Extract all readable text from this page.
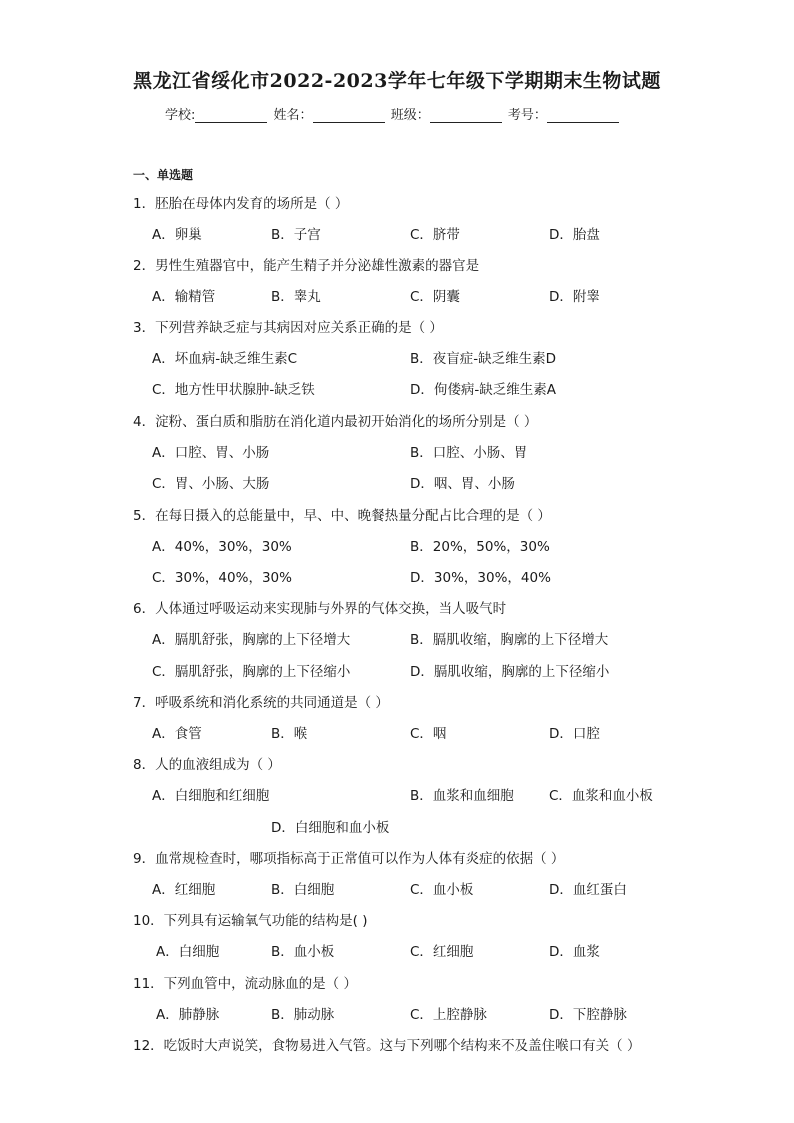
黑龙江省绥化市2022-2023学年七年级下学期期末生物试题
学校:	姓名：	班级：	考号：
一、单选题
1．胚胎在母体内发育的场所是（ ）
A．卵巢	B．子宫	C．脐带	D．胎盘
2．男性生殖器官中，能产生精子并分泌雄性激素的器官是
A．输精管	B．睾丸	C．阴囊	D．附睾
3．下列营养缺乏症与其病因对应关系正确的是（ ）
A．坏血病-缺乏维生素C	B．夜盲症-缺乏维生素D
C．地方性甲状腺肿-缺乏铁	D．佝偻病-缺乏维生素A
4．淀粉、蛋白质和脂肪在消化道内最初开始消化的场所分别是（ ）
A．口腔、胃、小肠	B．口腔、小肠、胃
C．胃、小肠、大肠	D．咽、胃、小肠
5．在每日摄入的总能量中，早、中、晚餐热量分配占比合理的是（ ）
A．40%，30%，30%	B．20%，50%，30%
C．30%，40%，30%	D．30%，30%，40%
6．人体通过呼吸运动来实现肺与外界的气体交换，当人吸气时
A．膈肌舒张，胸廓的上下径增大	B．膈肌收缩，胸廓的上下径增大
C．膈肌舒张，胸廓的上下径缩小	D．膈肌收缩，胸廓的上下径缩小
7．呼吸系统和消化系统的共同通道是（ ）
A．食管	B．喉	C．咽	D．口腔
8．人的血液组成为（ ）
A．白细胞和红细胞	B．血浆和血细胞	C．血浆和血小板
D．白细胞和血小板
9．血常规检查时，哪项指标高于正常值可以作为人体有炎症的依据（ ）
A．红细胞	B．白细胞	C．血小板	D．血红蛋白
10．下列具有运输氧气功能的结构是( )
A．白细胞	B．血小板	C．红细胞	D．血浆
11．下列血管中，流动脉血的是（ ）
A．肺静脉	B．肺动脉	C．上腔静脉	D．下腔静脉
12．吃饭时大声说笑，食物易进入气管。这与下列哪个结构来不及盖住喉口有关（ ）
